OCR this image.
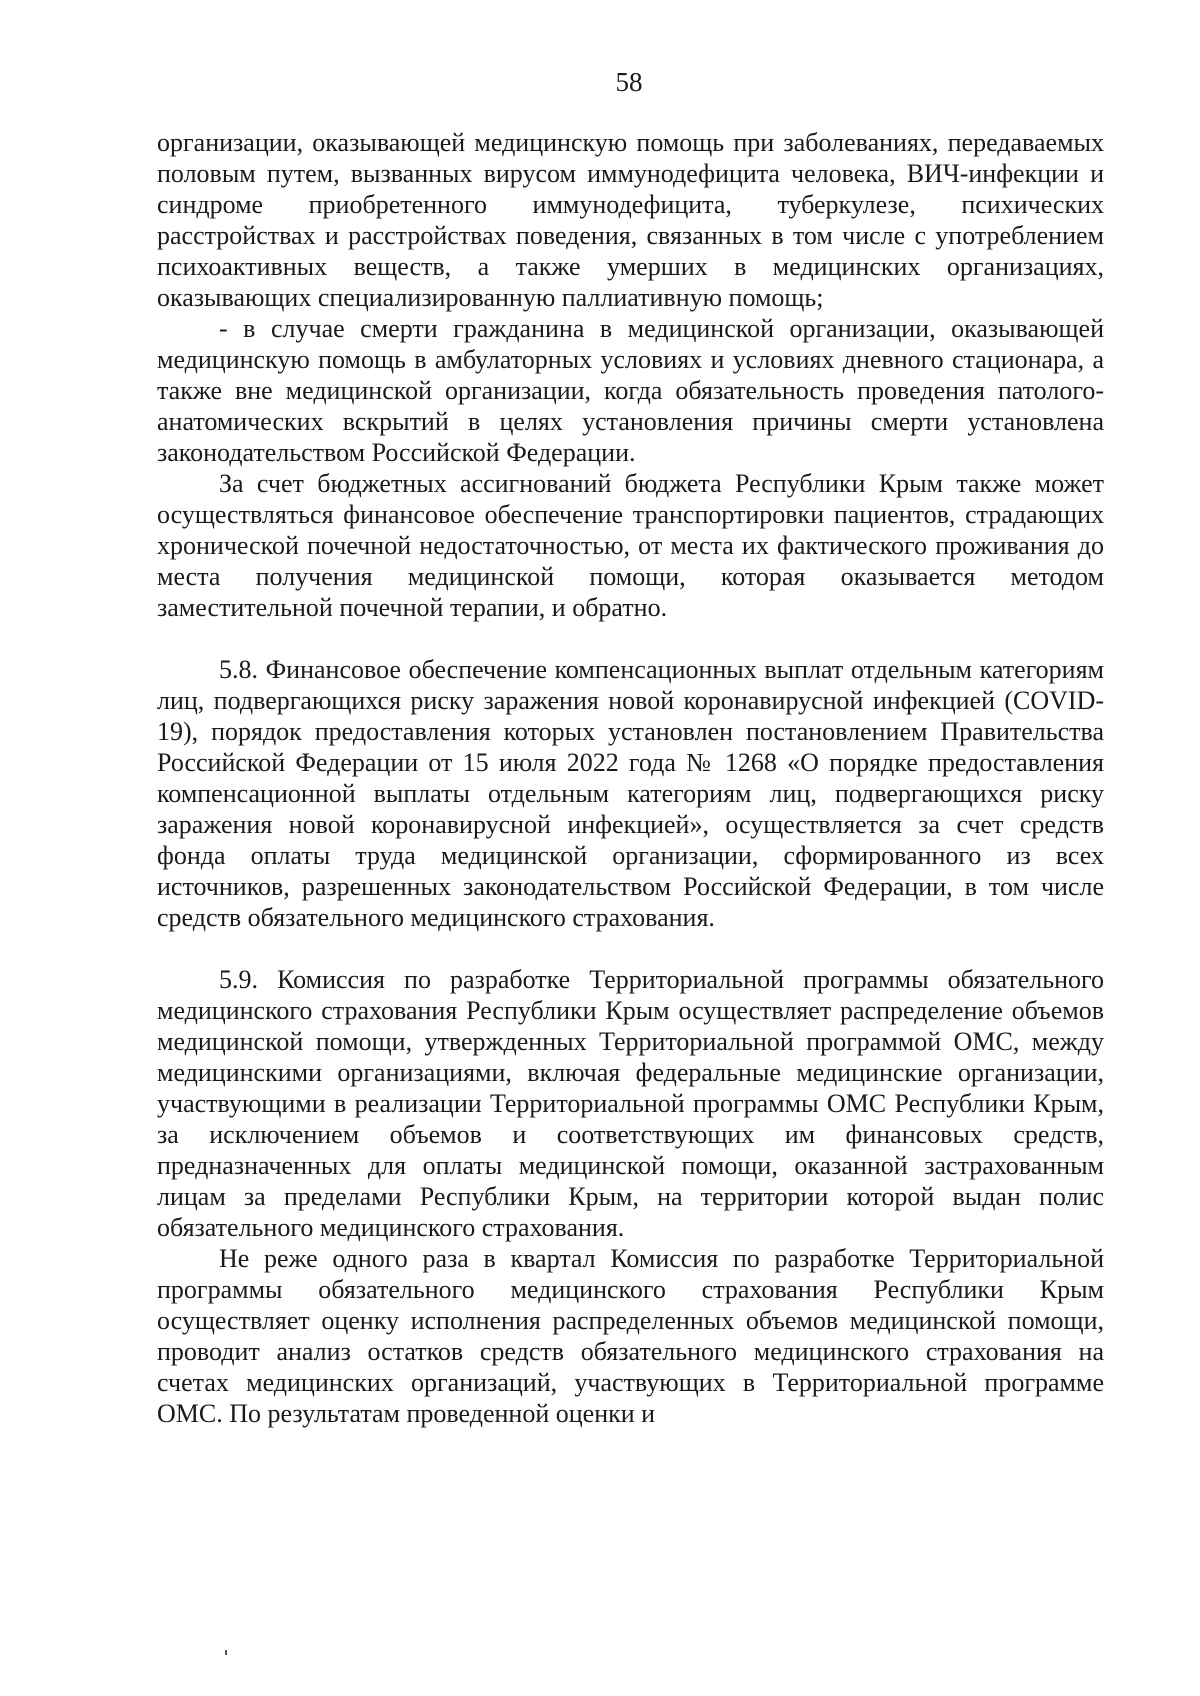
58

организации, оказывающей медицинскую помощь при заболеваниях, передаваемых половым путем, вызванных вирусом иммунодефицита человека, ВИЧ-инфекции и синдроме приобретенного иммунодефицита, туберкулезе, психических расстройствах и расстройствах поведения, связанных в том числе с употреблением психоактивных веществ, а также умерших в медицинских организациях, оказывающих специализированную паллиативную помощь;

- в случае смерти гражданина в медицинской организации, оказывающей медицинскую помощь в амбулаторных условиях и условиях дневного стационара, а также вне медицинской организации, когда обязательность проведения патолого-анатомических вскрытий в целях установления причины смерти установлена законодательством Российской Федерации.

За счет бюджетных ассигнований бюджета Республики Крым также может осуществляться финансовое обеспечение транспортировки пациентов, страдающих хронической почечной недостаточностью, от места их фактического проживания до места получения медицинской помощи, которая оказывается методом заместительной почечной терапии, и обратно.

5.8. Финансовое обеспечение компенсационных выплат отдельным категориям лиц, подвергающихся риску заражения новой коронавирусной инфекцией (COVID-19), порядок предоставления которых установлен постановлением Правительства Российской Федерации от 15 июля 2022 года № 1268 «О порядке предоставления компенсационной выплаты отдельным категориям лиц, подвергающихся риску заражения новой коронавирусной инфекцией», осуществляется за счет средств фонда оплаты труда медицинской организации, сформированного из всех источников, разрешенных законодательством Российской Федерации, в том числе средств обязательного медицинского страхования.

5.9. Комиссия по разработке Территориальной программы обязательного медицинского страхования Республики Крым осуществляет распределение объемов медицинской помощи, утвержденных Территориальной программой ОМС, между медицинскими организациями, включая федеральные медицинские организации, участвующими в реализации Территориальной программы ОМС Республики Крым, за исключением объемов и соответствующих им финансовых средств, предназначенных для оплаты медицинской помощи, оказанной застрахованным лицам за пределами Республики Крым, на территории которой выдан полис обязательного медицинского страхования.

Не реже одного раза в квартал Комиссия по разработке Территориальной программы обязательного медицинского страхования Республики Крым осуществляет оценку исполнения распределенных объемов медицинской помощи, проводит анализ остатков средств обязательного медицинского страхования на счетах медицинских организаций, участвующих в Территориальной программе ОМС. По результатам проведенной оценки и
